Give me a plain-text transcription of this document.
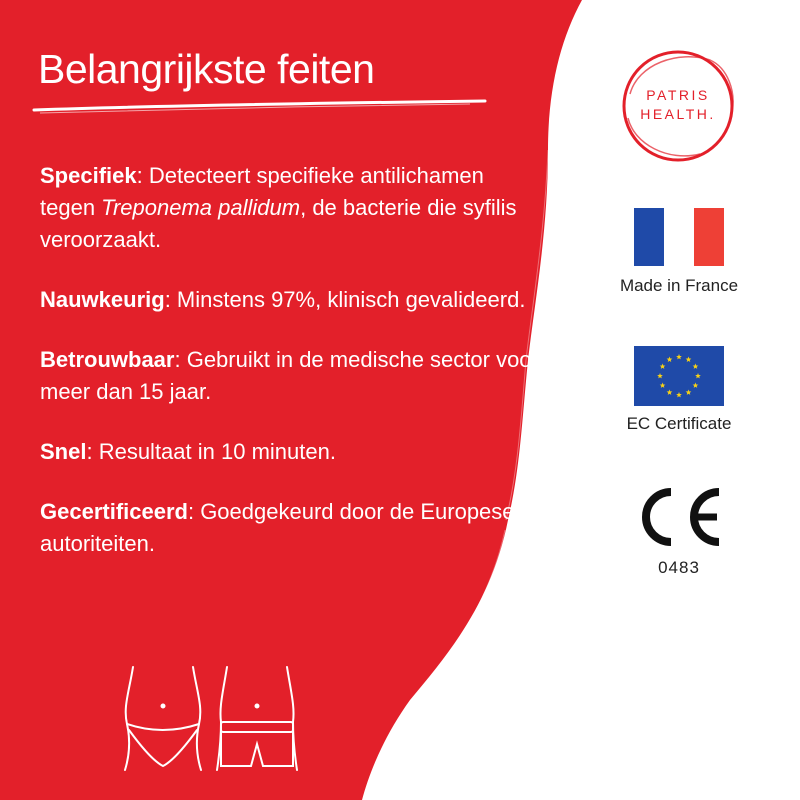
Belangrijkste feiten

Specifiek: Detecteert specifieke antilichamen tegen Treponema pallidum, de bacterie die syfilis veroorzaakt.

Nauwkeurig: Minstens 97%, klinisch gevalideerd.

Betrouwbaar: Gebruikt in de medische sector voor meer dan 15 jaar.

Snel: Resultaat in 10 minuten.

Gecertificeerd: Goedgekeurd door de Europese autoriteiten.

PATRIS
HEALTH.
Made in France
EC Certificate
0483
